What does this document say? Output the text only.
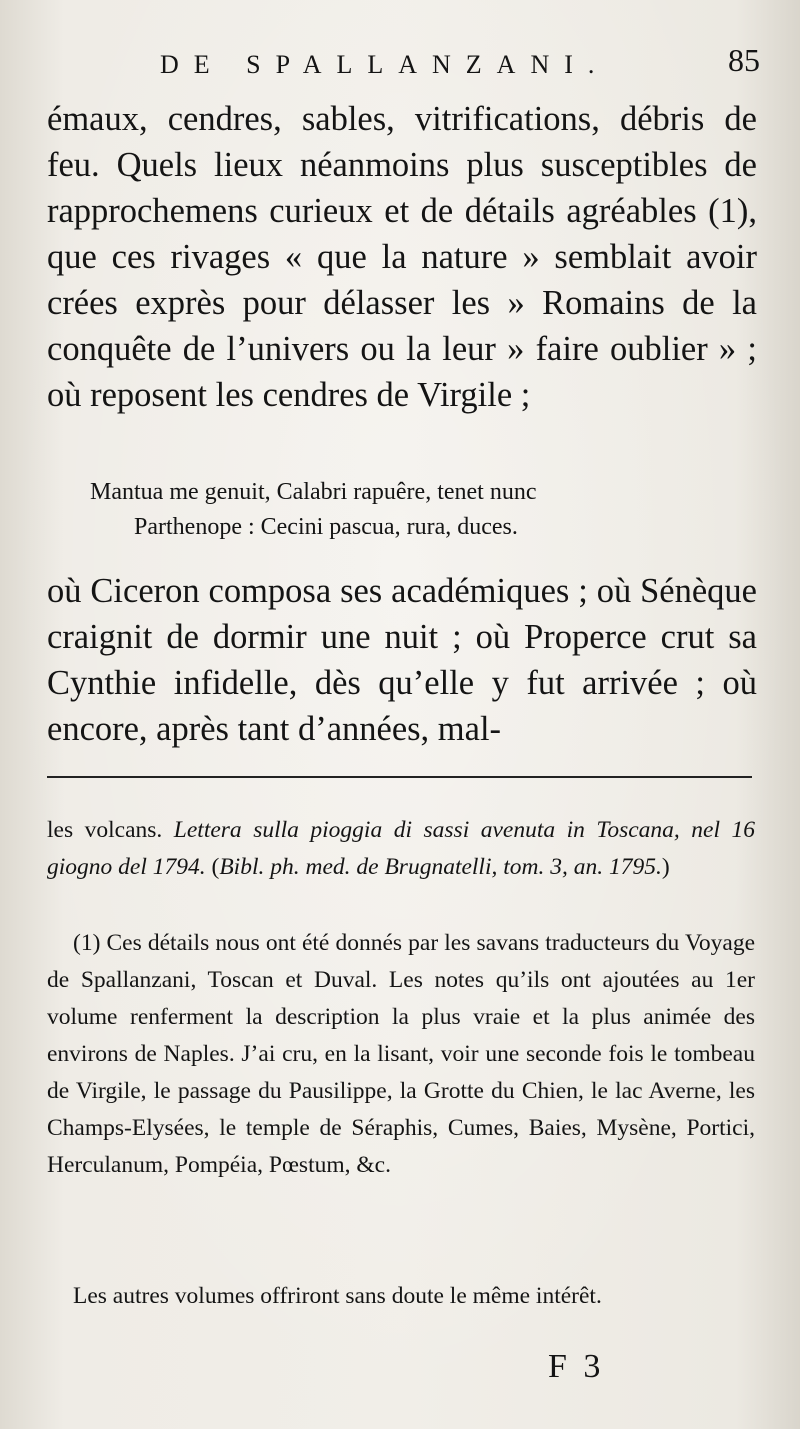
DE SPALLANZANI.	85

émaux, cendres, sables, vitrifications, débris de feu. Quels lieux néanmoins plus susceptibles de rapprochemens curieux et de détails agréables (1), que ces rivages « que la nature » semblait avoir crées exprès pour délasser les » Romains de la conquête de l’univers ou la leur » faire oublier » ; où reposent les cendres de Virgile ;

Mantua me genuit, Calabri rapuêre, tenet nunc
Parthenope : Cecini pascua, rura, duces.

où Ciceron composa ses académiques ; où Sénèque craignit de dormir une nuit ; où Properce crut sa Cynthie infidelle, dès qu’elle y fut arrivée ; où encore, après tant d’années, mal-

les volcans. Lettera sulla pioggia di sassi avenuta in Toscana, nel 16 giogno del 1794. (Bibl. ph. med. de Brugnatelli, tom. 3, an. 1795.)

(1) Ces détails nous ont été donnés par les savans traducteurs du Voyage de Spallanzani, Toscan et Duval. Les notes qu’ils ont ajoutées au 1er volume renferment la description la plus vraie et la plus animée des environs de Naples. J’ai cru, en la lisant, voir une seconde fois le tombeau de Virgile, le passage du Pausilippe, la Grotte du Chien, le lac Averne, les Champs-Elysées, le temple de Séraphis, Cumes, Baies, Mysène, Portici, Herculanum, Pompéia, Pœstum, &c.

Les autres volumes offriront sans doute le même intérêt.

F 3
